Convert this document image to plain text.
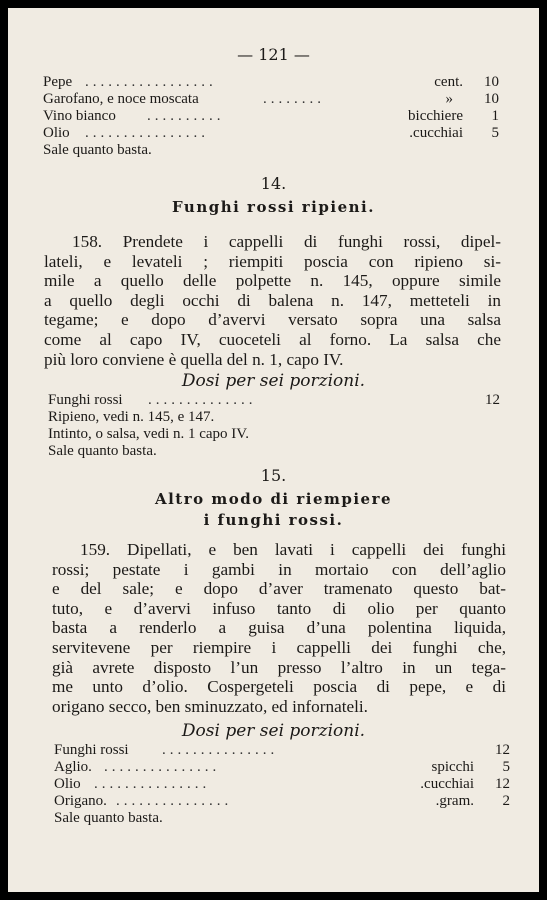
— 121 —
Pepe .................	cent.	10
Garofano, e noce moscata	........	»	10
Vino bianco ..........	bicchiere	1
Olio ................	.cucchiai	5
Sale quanto basta.
14.
Funghi rossi ripieni.
158. Prendete i cappelli di funghi rossi, dipel-
lateli, e levateli ; riempiti poscia con ripieno si-
mile a quello delle polpette n. 145, oppure simile
a quello degli occhi di balena n. 147, metteteli in
tegame; e dopo d’avervi versato sopra una salsa
come al capo IV, cuoceteli al forno. La salsa che
più loro conviene è quella del n. 1, capo IV.
Dosi per sei porzioni.
Funghi rossi ..............	12
Ripieno, vedi n. 145, e 147.
Intinto, o salsa, vedi n. 1 capo IV.
Sale quanto basta.
15.
Altro modo di riempiere
i funghi rossi.
159. Dipellati, e ben lavati i cappelli dei funghi
rossi; pestate i gambi in mortaio con dell’aglio
e del sale; e dopo d’aver tramenato questo bat-
tuto, e d’avervi infuso tanto di olio per quanto
basta a renderlo a guisa d’una polentina liquida,
servitevene per riempire i cappelli dei funghi che,
già avrete disposto l’un presso l’altro in un tega-
me unto d’olio. Cospergeteli poscia di pepe, e di
origano secco, ben sminuzzato, ed infornateli.
Dosi per sei porzioni.
Funghi rossi ...............	12
Aglio. ...............	spicchi	5
Olio ...............	.cucchiai	12
Origano. ...............	.gram.	2
Sale quanto basta.
